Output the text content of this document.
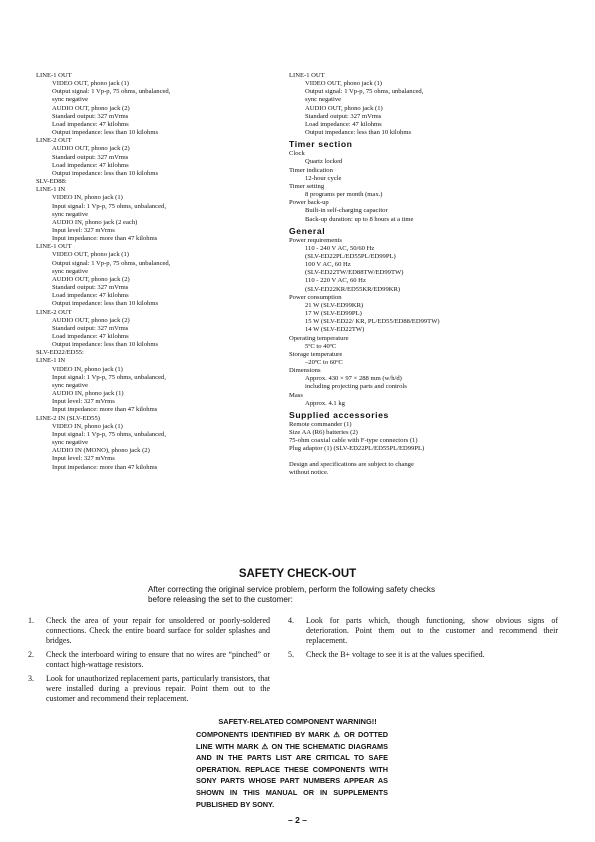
LINE-1 OUT
VIDEO OUT, phono jack (1)
Output signal: 1 Vp-p, 75 ohms, unbalanced,
sync negative
AUDIO OUT, phono jack (2)
Standard output: 327 mVrms
Load impedance: 47 kilohms
Output impedance: less than 10 kilohms
LINE-2 OUT
AUDIO OUT, phono jack (2)
Standard output: 327 mVrms
Load impedance: 47 kilohms
Output impedance: less than 10 kilohms
SLV-ED88:
LINE-1 IN
VIDEO IN, phono jack (1)
Input signal: 1 Vp-p, 75 ohms, unbalanced,
sync negative
AUDIO IN, phono jack (2 each)
Input level: 327 mVrms
Input impedance: more than 47 kilohms
LINE-1 OUT
VIDEO OUT, phono jack (1)
Output signal: 1 Vp-p, 75 ohms, unbalanced,
sync negative
AUDIO OUT, phono jack (2)
Standard output: 327 mVrms
Load impedance: 47 kilohms
Output impedance: less than 10 kilohms
LINE-2 OUT
AUDIO OUT, phono jack (2)
Standard output: 327 mVrms
Load impedance: 47 kilohms
Output impedance: less than 10 kilohms
SLV-ED22/ED55:
LINE-1 IN
VIDEO IN, phono jack (1)
Input signal: 1 Vp-p, 75 ohms, unbalanced,
sync negative
AUDIO IN, phono jack (1)
Input level: 327 mVrms
Input impedance: more than 47 kilohms
LINE-2 IN (SLV-ED55)
VIDEO IN, phono jack (1)
Input signal: 1 Vp-p, 75 ohms, unbalanced,
sync negative
AUDIO IN (MONO), phono jack (2)
Input level: 327 mVrms
Input impedance: more than 47 kilohms
LINE-1 OUT
VIDEO OUT, phono jack (1)
Output signal: 1 Vp-p, 75 ohms, unbalanced,
sync negative
AUDIO OUT, phono jack (1)
Standard output: 327 mVrms
Load impedance: 47 kilohms
Output impedance: less than 10 kilohms
Timer section
Clock
Quartz locked
Timer indication
12-hour cycle
Timer setting
8 programs per month (max.)
Power back-up
Built-in self-charging capacitor
Back-up duration: up to 8 hours at a time
General
Power requirements
110 - 240 V AC, 50/60 Hz
(SLV-ED22PL/ED55PL/ED99PL)
100 V AC, 60 Hz
(SLV-ED22TW/ED88TW/ED99TW)
110 - 220 V AC, 60 Hz
(SLV-ED22KR/ED55KR/ED99KR)
Power consumption
21 W (SLV-ED99KR)
17 W (SLV-ED99PL)
15 W (SLV-ED22/ KR, PL/ED55/ED88/ED99TW)
14 W (SLV-ED22TW)
Operating temperature
5ºC to 40ºC
Storage temperature
–20ºC to 60ºC
Dimensions
Approx. 430 × 97 × 288 mm (w/h/d)
including projecting parts and controls
Mass
Approx. 4.1 kg
Supplied accessories
Remote commander (1)
Size AA (R6) batteries (2)
75-ohm coaxial cable with F-type connectors (1)
Plug adaptor (1) (SLV-ED22PL/ED55PL/ED99PL)
Design and specifications are subject to change
without notice.
SAFETY CHECK-OUT
After correcting the original service problem, perform the following safety checks before releasing the set to the customer:
1.	Check the area of your repair for unsoldered or poorly-soldered connections. Check the entire board surface for solder splashes and bridges.
2.	Check the interboard wiring to ensure that no wires are “pinched” or contact high-wattage resistors.
3.	Look for unauthorized replacement parts, particularly transistors, that were installed during a previous repair. Point them out to the customer and recommend their replacement.
4.	Look for parts which, though functioning, show obvious signs of deterioration. Point them out to the customer and recommend their replacement.
5.	Check the B+ voltage to see it is at the values specified.
SAFETY-RELATED COMPONENT WARNING!!
COMPONENTS IDENTIFIED BY MARK ⚠ OR DOTTED LINE WITH MARK ⚠ ON THE SCHEMATIC DIAGRAMS AND IN THE PARTS LIST ARE CRITICAL TO SAFE OPERATION. REPLACE THESE COMPONENTS WITH SONY PARTS WHOSE PART NUMBERS APPEAR AS SHOWN IN THIS MANUAL OR IN SUPPLEMENTS PUBLISHED BY SONY.
– 2 –
